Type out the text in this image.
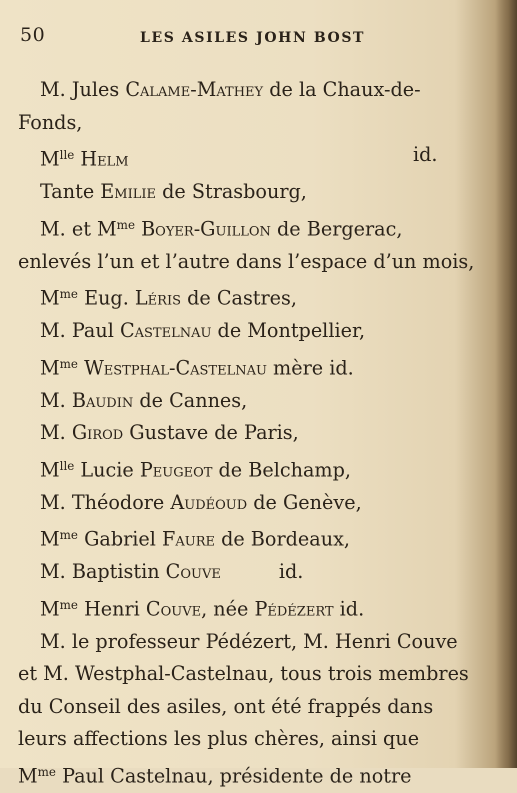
50	LES ASILES JOHN BOST
M. Jules Calame-Mathey de la Chaux-de-
Fonds,
$M^{lle}$ Helm	id.
Tante Emilie de Strasbourg,
M. et $M^{me}$ Boyer-Guillon de Bergerac,
enlevés l’un et l’autre dans l’espace d’un mois,
$M^{me}$ Eug. Léris de Castres,
M. Paul Castelnau de Montpellier,
$M^{me}$ Westphal-Castelnau mère id.
M. Baudin de Cannes,
M. Girod Gustave de Paris,
$M^{lle}$ Lucie Peugeot de Belchamp,
M. Théodore Audéoud de Genève,
$M^{me}$ Gabriel Faure de Bordeaux,
M. Baptistin Couve	id.
$M^{me}$ Henri Couve, née Pédézert id.
M. le professeur Pédézert, M. Henri Couve
et M. Westphal-Castelnau, tous trois membres
du Conseil des asiles, ont été frappés dans
leurs affections les plus chères, ainsi que
$M^{me}$ Paul Castelnau, présidente de notre
